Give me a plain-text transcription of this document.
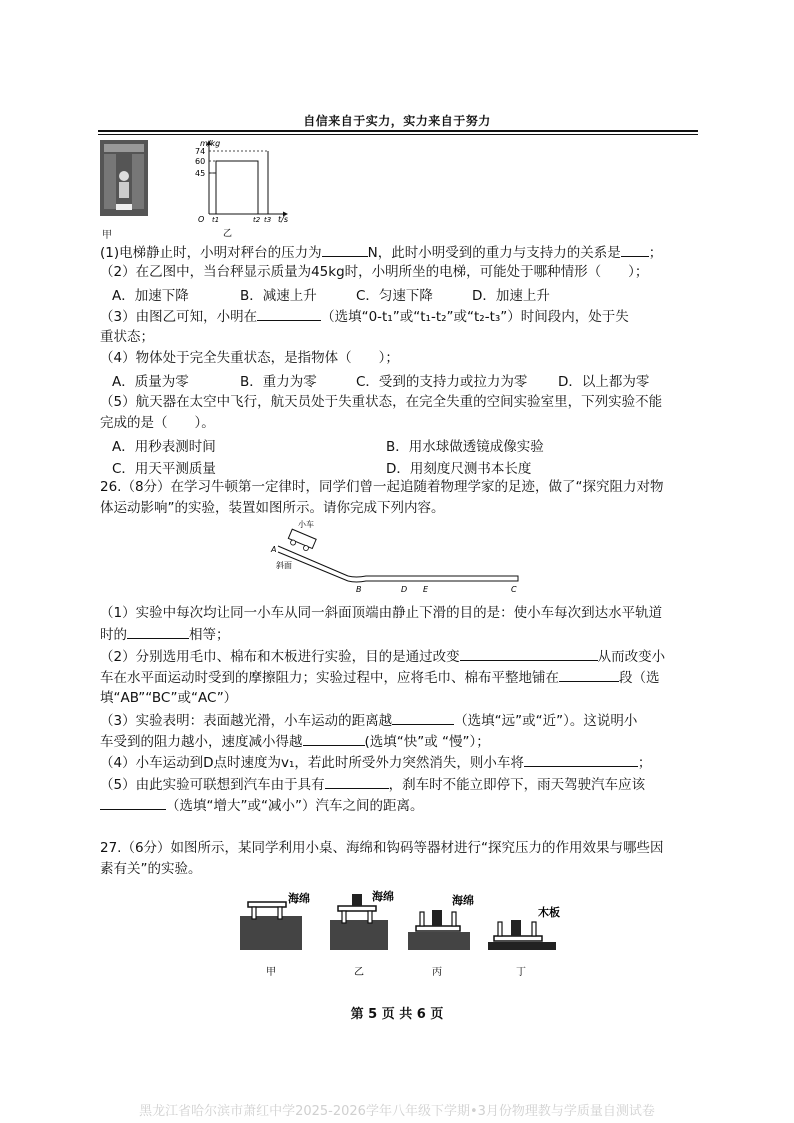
自信来自于实力，实力来自于努力
m/kg
74
60
45
O t1	t2 t3 t/s
乙
甲
(1)电梯静止时，小明对秤台的压力为	N，此时小明受到的重力与支持力的关系是 ；
（2）在乙图中，当台秤显示质量为45kg时，小明所坐的电梯，可能处于哪种情形（　　）；
A．加速下降	B．减速上升	C．匀速下降	D．加速上升
（3）由图乙可知，小明在	（选填“0-t₁”或“t₁-t₂”或“t₂-t₃”）时间段内，处于失
重状态；
（4）物体处于完全失重状态，是指物体（　　）；
A．质量为零	B．重力为零	C．受到的支持力或拉力为零 D．以上都为零
（5）航天器在太空中飞行，航天员处于失重状态，在完全失重的空间实验室里，下列实验不能
完成的是（　　）。
A．用秒表测时间	B．用水球做透镜成像实验
C．用天平测质量	D．用刻度尺测书本长度
26.（8分）在学习牛顿第一定律时，同学们曾一起追随着物理学家的足迹，做了“探究阻力对物
体运动影响”的实验，装置如图所示。请你完成下列内容。
小车
A
斜面
B	D E	C
（1）实验中每次均让同一小车从同一斜面顶端由静止下滑的目的是：使小车每次到达水平轨道
时的	相等；
（2）分别选用毛巾、棉布和木板进行实验，目的是通过改变	从而改变小
车在水平面运动时受到的摩擦阻力；实验过程中，应将毛巾、棉布平整地铺在	段（选
填“AB”“BC”或“AC”）
（3）实验表明：表面越光滑，小车运动的距离越	（选填“远”或“近”）。这说明小
车受到的阻力越小，速度减小得越	(选填“快”或 “慢”）；
（4）小车运动到D点时速度为v₁，若此时所受外力突然消失，则小车将	；
（5）由此实验可联想到汽车由于具有	，刹车时不能立即停下，雨天驾驶汽车应该
（选填“增大”或“减小”）汽车之间的距离。
27.（6分）如图所示，某同学利用小桌、海绵和钩码等器材进行“探究压力的作用效果与哪些因
素有关”的实验。
海绵
甲
海绵
乙
海绵
丙
木板
丁
第 5 页 共 6 页
黑龙江省哈尔滨市萧红中学2025-2026学年八年级下学期•3月份物理教与学质量自测试卷
